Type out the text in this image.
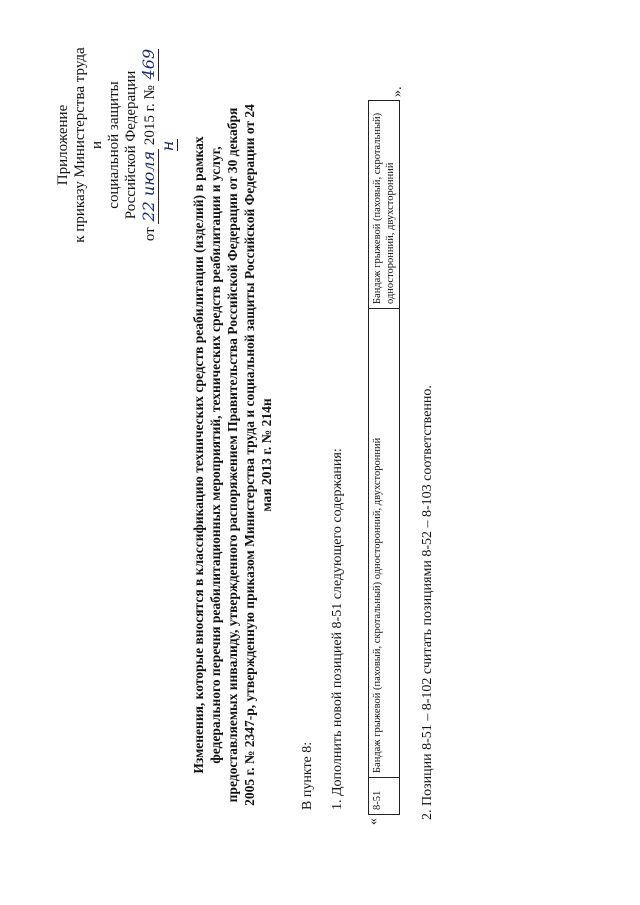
Приложение к приказу Министерства труда и социальной защиты Российской Федерации
от 22 июля 2015 г. № 469 н Изменения, которые вносятся в классификацию технических средств реабилитации (изделий) в рамках федерального перечня реабилитационных мероприятий, технических средств реабилитации и услуг, предоставляемых инвалиду, утвержденного распоряжением Правительства Российской Федерации от 30 декабря 2005 г. № 2347-р, утвержденную приказом Министерства труда и социальной защиты Российской Федерации от 24 мая 2013 г. № 214н
В пункте 8: 1. Дополнить новой позицией 8-51 следующего содержания:
«
8-51	Бандаж грыжевой (паховый, скротальный) односторонний, двухсторонний	Бандаж грыжевой (паховый, скротальный) односторонний, двухсторонний
».
2. Позиции 8-51 – 8-102 считать позициями 8-52 – 8-103 соответственно.
